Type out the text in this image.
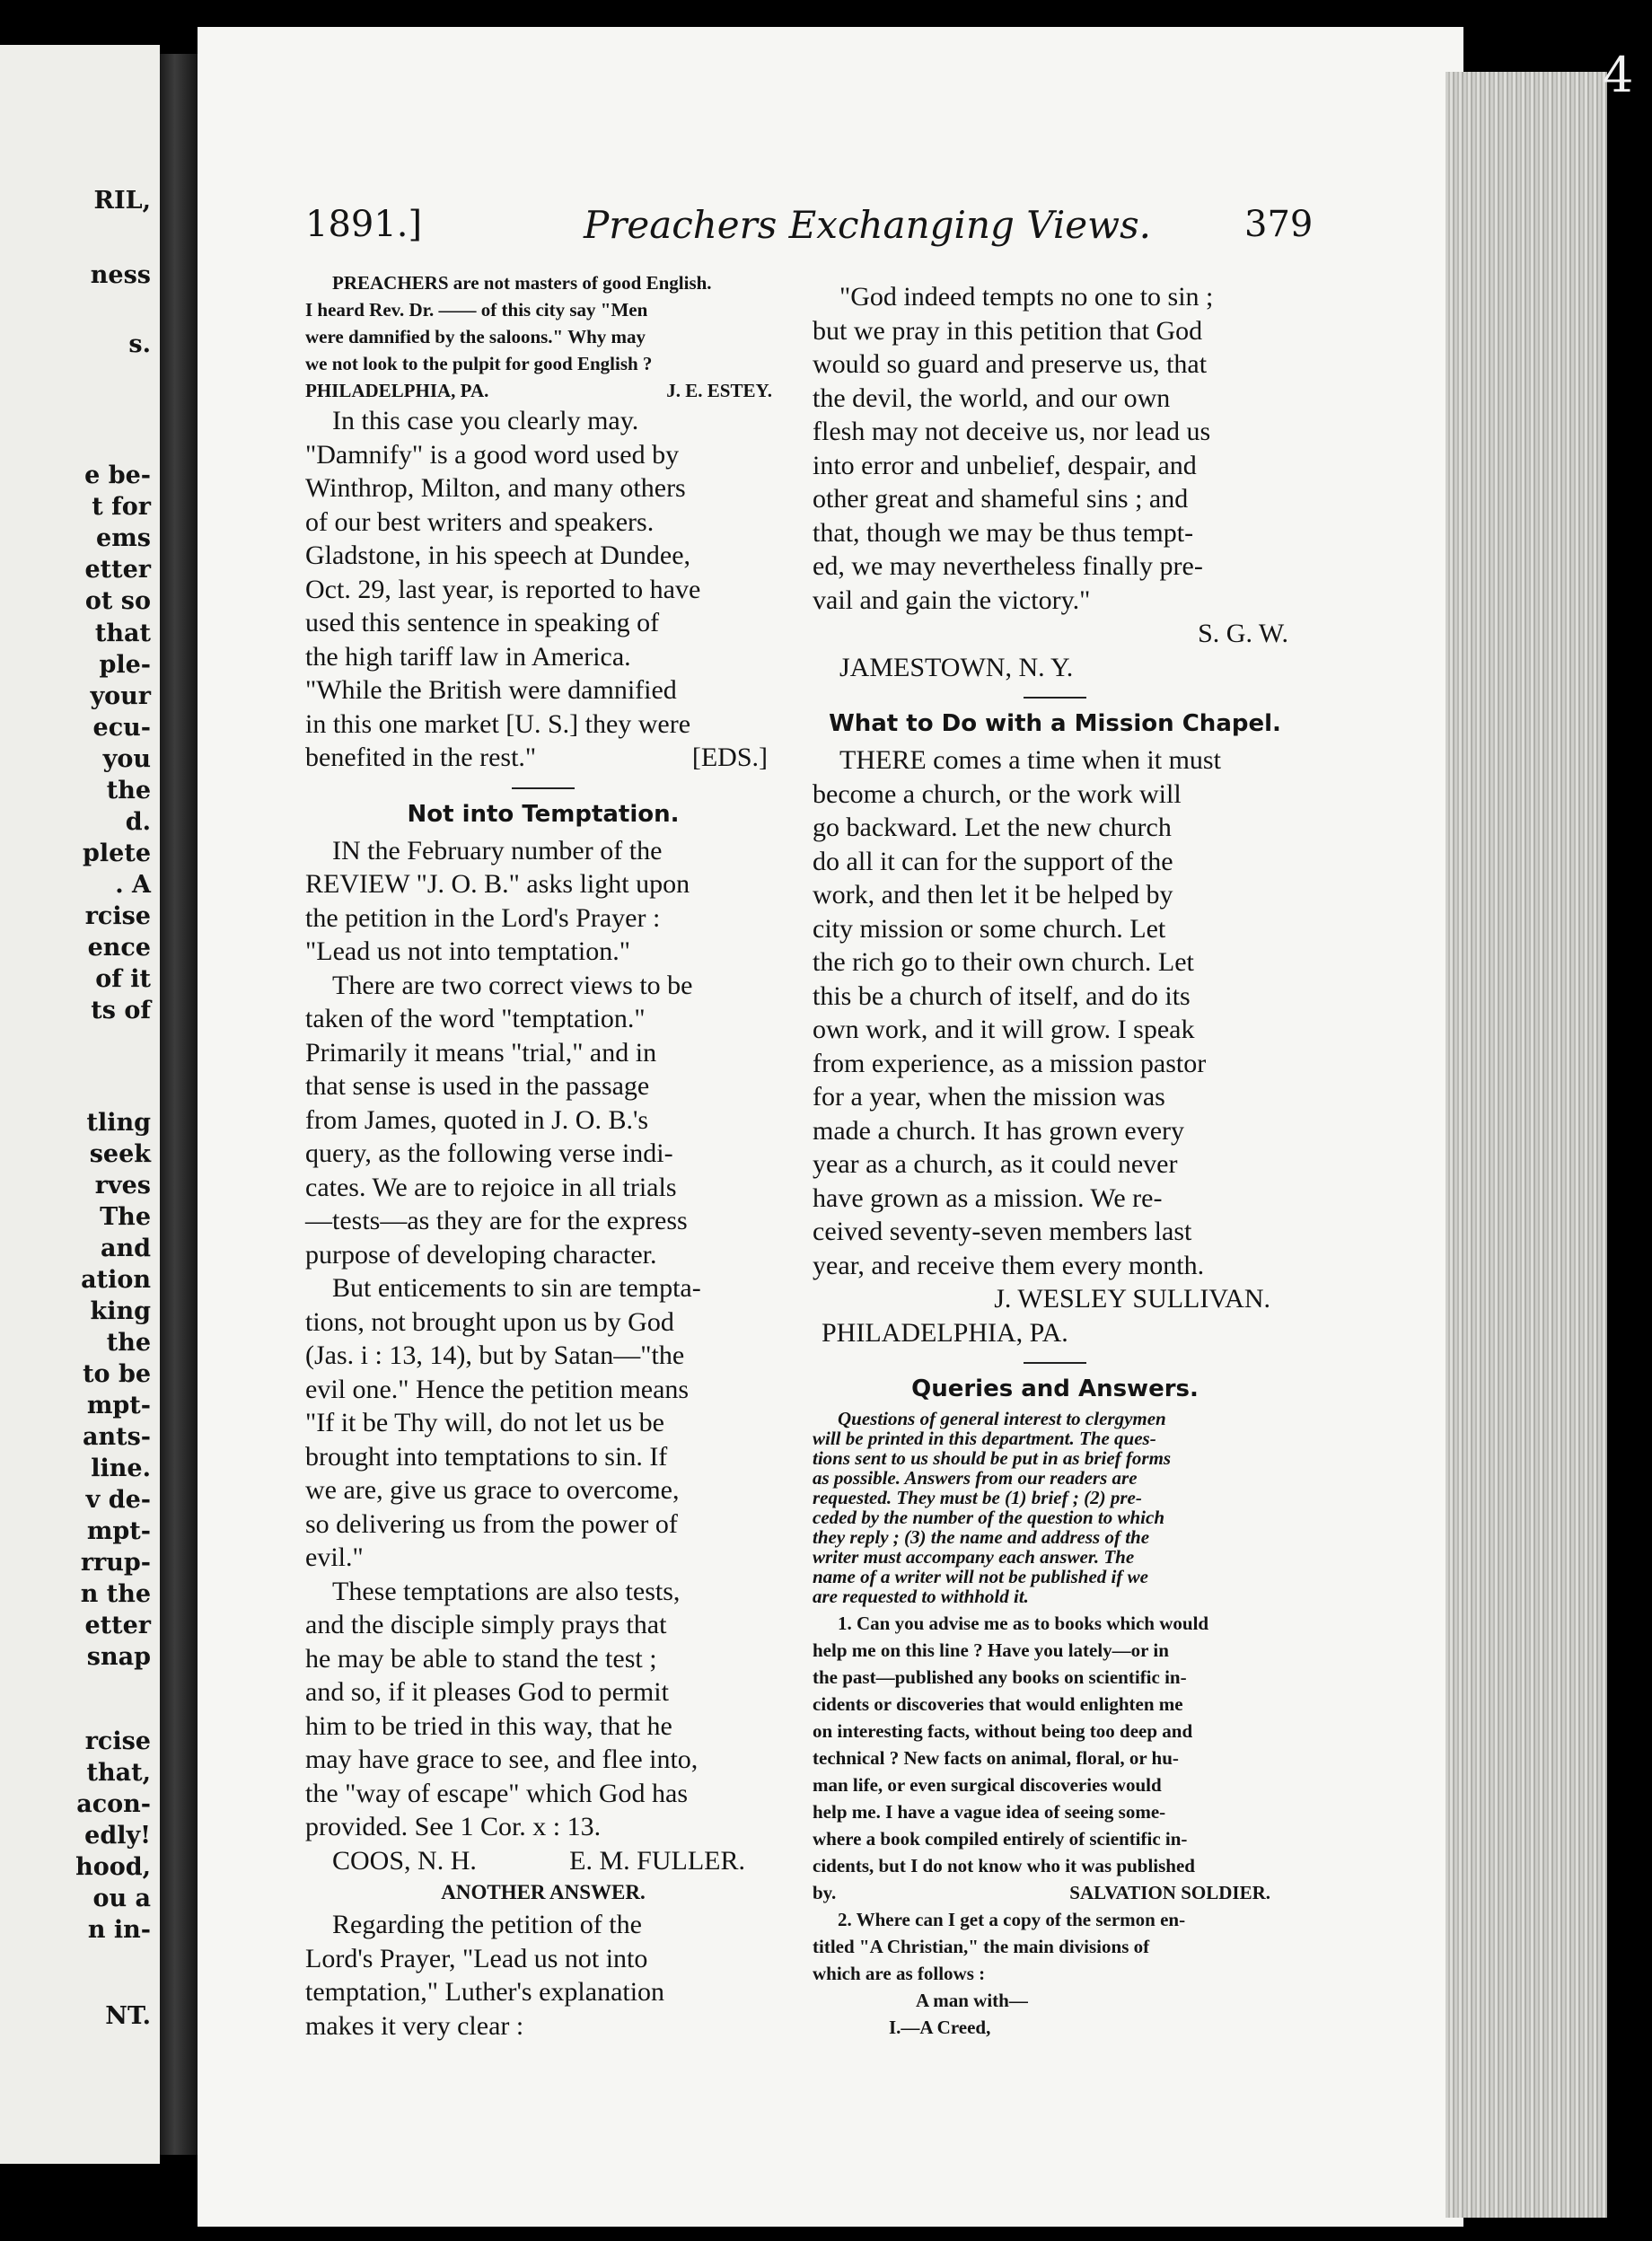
RIL,
ness
s.
e be-
t for
ems
etter
ot so
that
ple-
your
ecu-
you
the
d.
plete
. A
rcise
ence
of it
ts of
tling
seek
rves
The
and
ation
king
the
to be
mpt-
ants-
line.
v de-
mpt-
rrup-
n the
etter
snap
rcise
that,
acon-
edly!
hood,
ou a
n in-
NT.
4
1891.]	Preachers Exchanging Views.	379

PREACHERS are not masters of good English.

I heard Rev. Dr. —— of this city say "Men

were damnified by the saloons." Why may

we not look to the pulpit for good English ?

PHILADELPHIA, PA.	J. E. ESTEY.

In this case you clearly may.

"Damnify" is a good word used by

Winthrop, Milton, and many others

of our best writers and speakers.

Gladstone, in his speech at Dundee,

Oct. 29, last year, is reported to have

used this sentence in speaking of

the high tariff law in America.

"While the British were damnified

in this one market [U. S.] they were

benefited in the rest."	[EDS.]
Not into Temptation.

IN the February number of the

REVIEW "J. O. B." asks light upon

the petition in the Lord's Prayer :

"Lead us not into temptation."

There are two correct views to be

taken of the word "temptation."

Primarily it means "trial," and in

that sense is used in the passage

from James, quoted in J. O. B.'s

query, as the following verse indi-

cates. We are to rejoice in all trials

—tests—as they are for the express

purpose of developing character.

But enticements to sin are tempta-

tions, not brought upon us by God

(Jas. i : 13, 14), but by Satan—"the

evil one." Hence the petition means

"If it be Thy will, do not let us be

brought into temptations to sin. If

we are, give us grace to overcome,

so delivering us from the power of

evil."

These temptations are also tests,

and the disciple simply prays that

he may be able to stand the test ;

and so, if it pleases God to permit

him to be tried in this way, that he

may have grace to see, and flee into,

the "way of escape" which God has

provided. See 1 Cor. x : 13.

COOS, N. H.	E. M. FULLER.

ANOTHER ANSWER.

Regarding the petition of the

Lord's Prayer, "Lead us not into

temptation," Luther's explanation

makes it very clear :

"God indeed tempts no one to sin ;

but we pray in this petition that God

would so guard and preserve us, that

the devil, the world, and our own

flesh may not deceive us, nor lead us

into error and unbelief, despair, and

other great and shameful sins ; and

that, though we may be thus tempt-

ed, we may nevertheless finally pre-

vail and gain the victory."

S. G. W.

JAMESTOWN, N. Y.

What to Do with a Mission Chapel.

THERE comes a time when it must

become a church, or the work will

go backward. Let the new church

do all it can for the support of the

work, and then let it be helped by

city mission or some church. Let

the rich go to their own church. Let

this be a church of itself, and do its

own work, and it will grow. I speak

from experience, as a mission pastor

for a year, when the mission was

made a church. It has grown every

year as a church, as it could never

have grown as a mission. We re-

ceived seventy-seven members last

year, and receive them every month.

J. WESLEY SULLIVAN.

PHILADELPHIA, PA.

Queries and Answers.

Questions of general interest to clergymen

will be printed in this department. The ques-

tions sent to us should be put in as brief forms

as possible. Answers from our readers are

requested. They must be (1) brief ; (2) pre-

ceded by the number of the question to which

they reply ; (3) the name and address of the

writer must accompany each answer. The

name of a writer will not be published if we

are requested to withhold it.

1. Can you advise me as to books which would

help me on this line ? Have you lately—or in

the past—published any books on scientific in-

cidents or discoveries that would enlighten me

on interesting facts, without being too deep and

technical ? New facts on animal, floral, or hu-

man life, or even surgical discoveries would

help me. I have a vague idea of seeing some-

where a book compiled entirely of scientific in-

cidents, but I do not know who it was published

by.	SALVATION SOLDIER.

2. Where can I get a copy of the sermon en-

titled "A Christian," the main divisions of

which are as follows :

A man with—

I.—A Creed,
